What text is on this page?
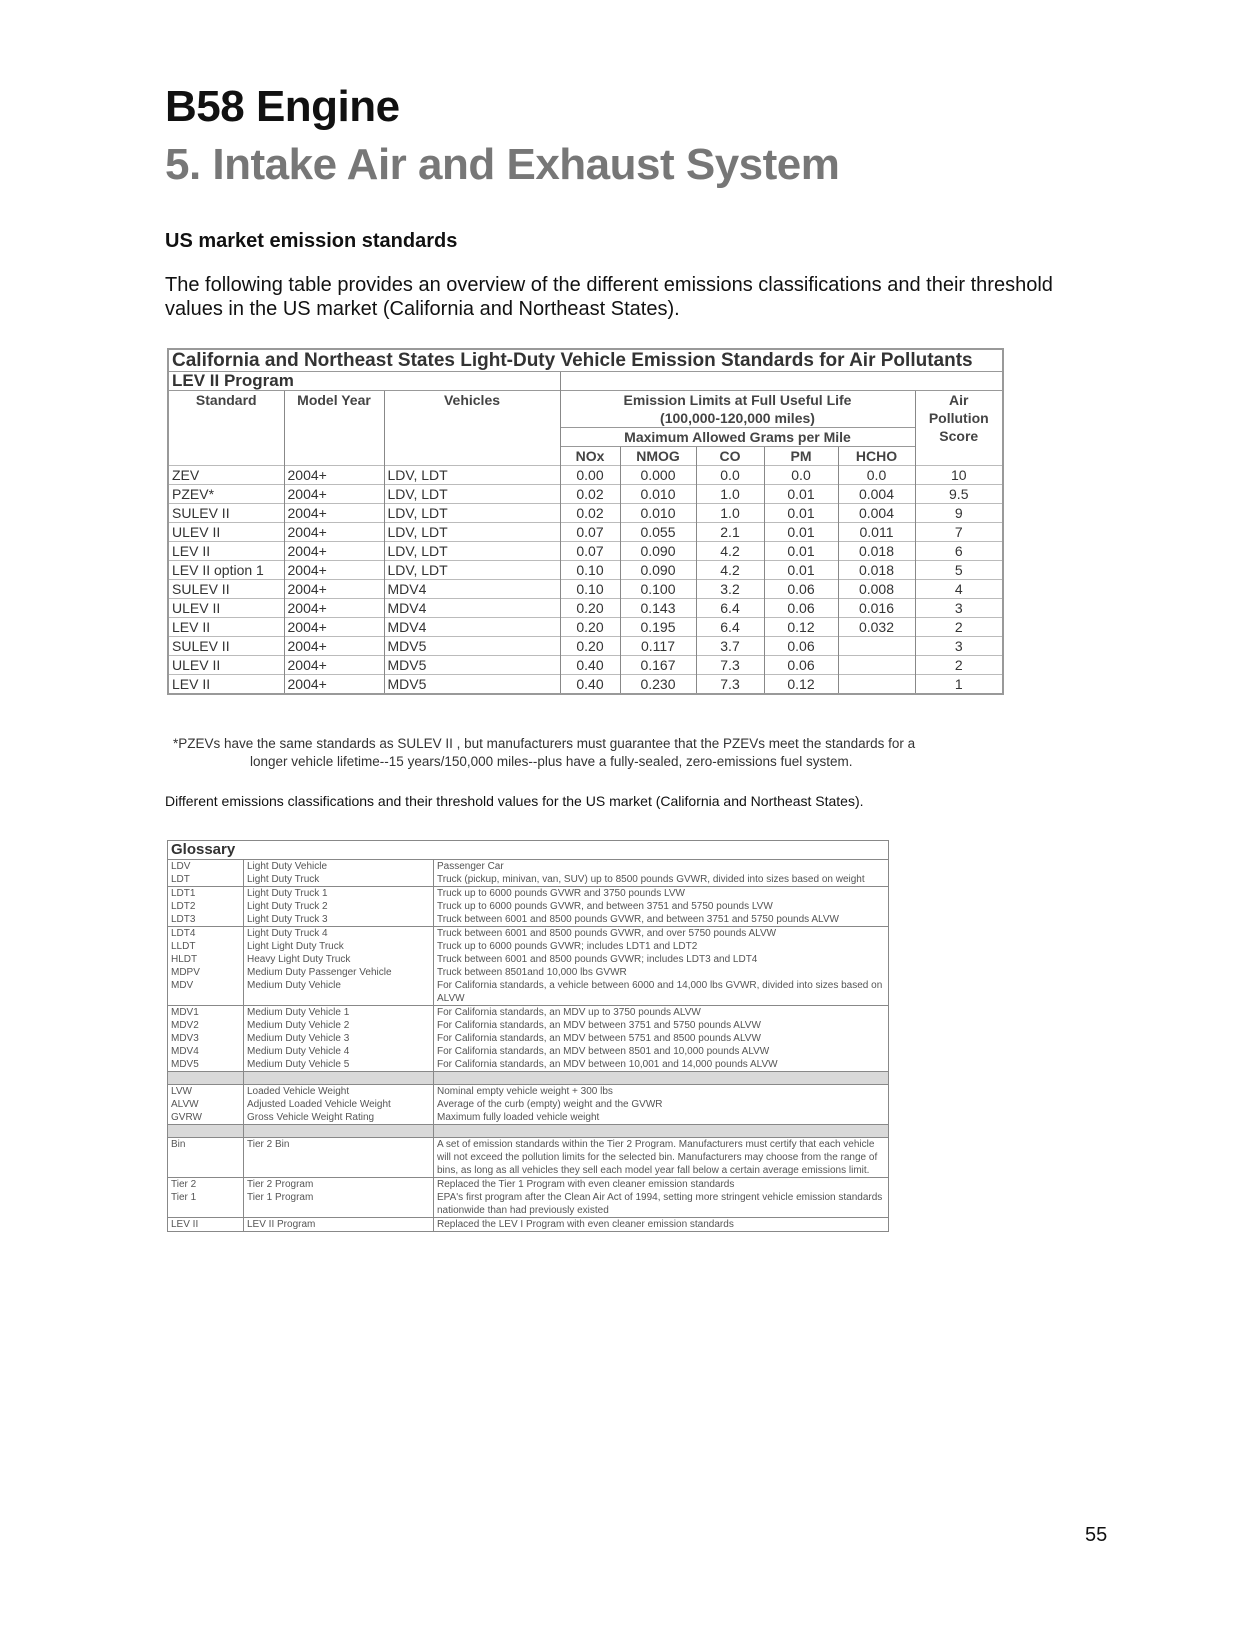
B58 Engine
5. Intake Air and Exhaust System
US market emission standards

The following table provides an overview of the different emissions classifications and their threshold values in the US market (California and Northeast States).

California and Northeast States Light-Duty Vehicle Emission Standards for Air Pollutants								
LEV II Program								
Standard	Model Year	Vehicles	Emission Limits at Full Useful Life					Air
Pollution
Score
			(100,000-120,000 miles)					
			Maximum Allowed Grams per Mile					
			NOx	NMOG	CO	PM	HCHO	
ZEV	2004+	LDV, LDT	0.00	0.000	0.0	0.0	0.0	10
PZEV*	2004+	LDV, LDT	0.02	0.010	1.0	0.01	0.004	9.5
SULEV II	2004+	LDV, LDT	0.02	0.010	1.0	0.01	0.004	9
ULEV II	2004+	LDV, LDT	0.07	0.055	2.1	0.01	0.011	7
LEV II	2004+	LDV, LDT	0.07	0.090	4.2	0.01	0.018	6
LEV II option 1	2004+	LDV, LDT	0.10	0.090	4.2	0.01	0.018	5
SULEV II	2004+	MDV4	0.10	0.100	3.2	0.06	0.008	4
ULEV II	2004+	MDV4	0.20	0.143	6.4	0.06	0.016	3
LEV II	2004+	MDV4	0.20	0.195	6.4	0.12	0.032	2
SULEV II	2004+	MDV5	0.20	0.117	3.7	0.06		3
ULEV II	2004+	MDV5	0.40	0.167	7.3	0.06		2
LEV II	2004+	MDV5	0.40	0.230	7.3	0.12		1

*PZEVs have the same standards as SULEV II , but manufacturers must guarantee that the PZEVs meet the standards for a
longer vehicle lifetime--15 years/150,000 miles--plus have a fully-sealed, zero-emissions fuel system.

Different emissions classifications and their threshold values for the US market (California and Northeast States).

Glossary		
LDV	Light Duty Vehicle	Passenger Car
LDT	Light Duty Truck	Truck (pickup, minivan, van, SUV) up to 8500 pounds GVWR, divided into sizes based on weight
LDT1	Light Duty Truck 1	Truck up to 6000 pounds GVWR and 3750 pounds LVW
LDT2	Light Duty Truck 2	Truck up to 6000 pounds GVWR, and between 3751 and 5750 pounds LVW
LDT3	Light Duty Truck 3	Truck between 6001 and 8500 pounds GVWR, and between 3751 and 5750 pounds ALVW
LDT4	Light Duty Truck 4	Truck between 6001 and 8500 pounds GVWR, and over 5750 pounds ALVW
LLDT	Light Light Duty Truck	Truck up to 6000 pounds GVWR; includes LDT1 and LDT2
HLDT	Heavy Light Duty Truck	Truck between 6001 and 8500 pounds GVWR; includes LDT3 and LDT4
MDPV	Medium Duty Passenger Vehicle	Truck between 8501and 10,000 lbs GVWR
MDV	Medium Duty Vehicle	For California standards, a vehicle between 6000 and 14,000 lbs GVWR, divided into sizes based on ALVW
MDV1	Medium Duty Vehicle 1	For California standards, an MDV up to 3750 pounds ALVW
MDV2	Medium Duty Vehicle 2	For California standards, an MDV between 3751 and 5750 pounds ALVW
MDV3	Medium Duty Vehicle 3	For California standards, an MDV between 5751 and 8500 pounds ALVW
MDV4	Medium Duty Vehicle 4	For California standards, an MDV between 8501 and 10,000 pounds ALVW
MDV5	Medium Duty Vehicle 5	For California standards, an MDV between 10,001 and 14,000 pounds ALVW

LVW	Loaded Vehicle Weight	Nominal empty vehicle weight + 300 lbs
ALVW	Adjusted Loaded Vehicle Weight	Average of the curb (empty) weight and the GVWR
GVRW	Gross Vehicle Weight Rating	Maximum fully loaded vehicle weight

Bin	Tier 2 Bin	A set of emission standards within the Tier 2 Program. Manufacturers must certify that each vehicle will not exceed the pollution limits for the selected bin. Manufacturers may choose from the range of bins, as long as all vehicles they sell each model year fall below a certain average emissions limit.
Tier 2	Tier 2 Program	Replaced the Tier 1 Program with even cleaner emission standards
Tier 1	Tier 1 Program	EPA's first program after the Clean Air Act of 1994, setting more stringent vehicle emission standards nationwide than had previously existed
LEV II	LEV II Program	Replaced the LEV I Program with even cleaner emission standards

55
